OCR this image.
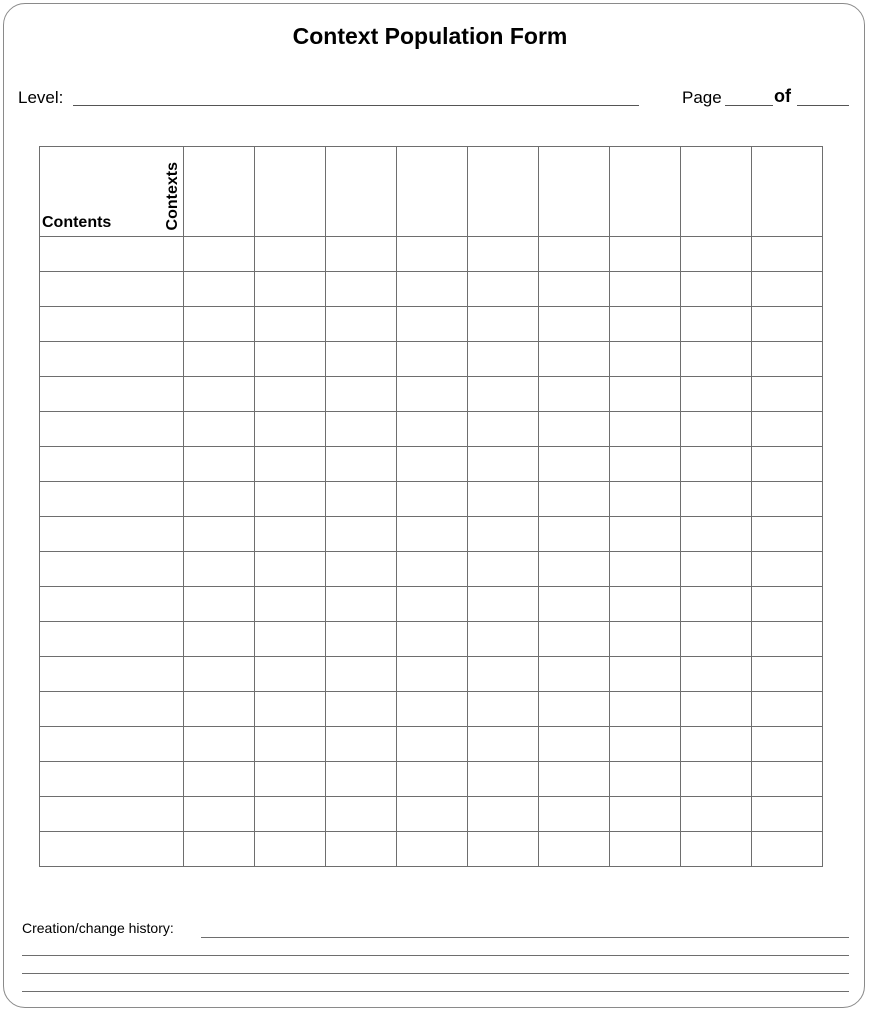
Context Population Form
Level:	Page	of
Contents Contexts									

Creation/change history:
